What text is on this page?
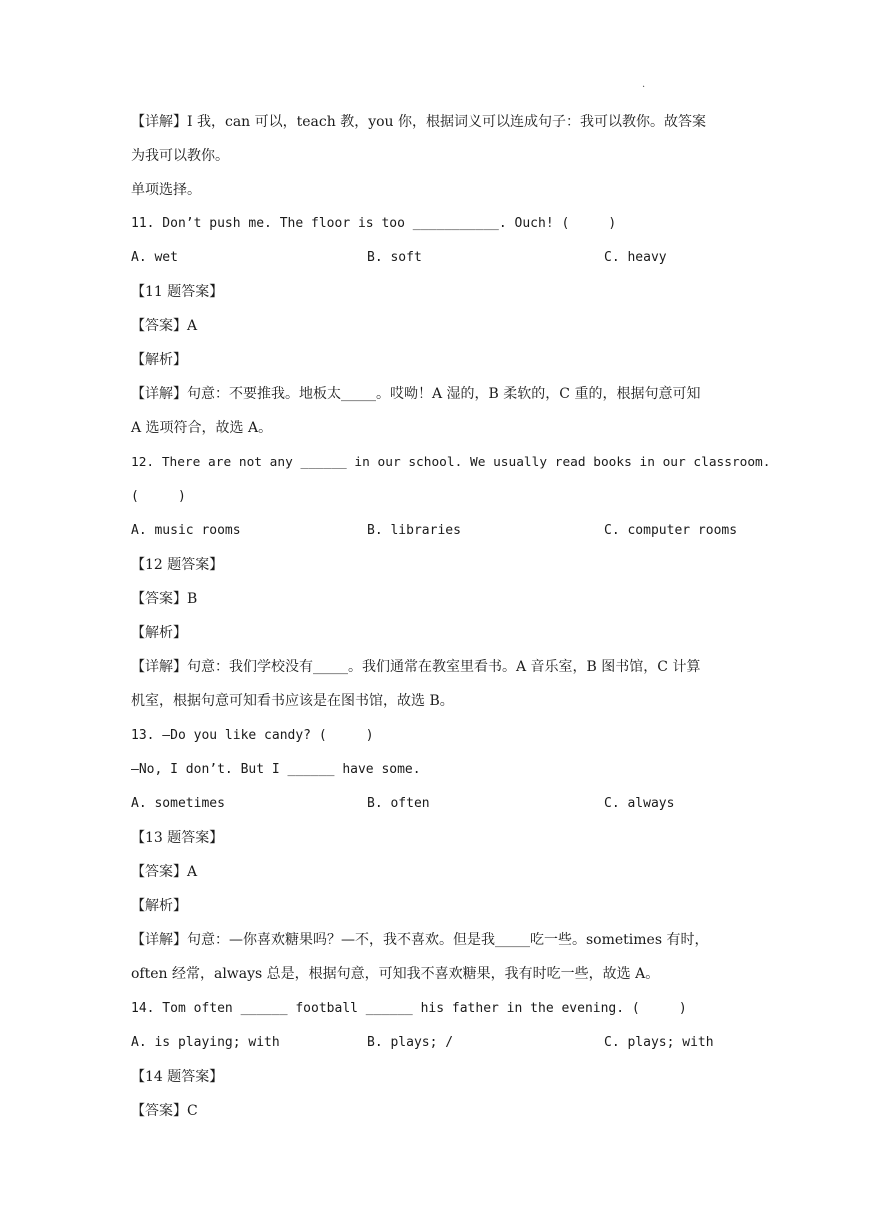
·
【详解】I 我，can 可以，teach 教，you 你，根据词义可以连成句子：我可以教你。故答案
为我可以教你。
单项选择。
11. Don’t push me. The floor is too ___________. Ouch! (     )
A. wet	B. soft	C. heavy
【11 题答案】
【答案】A
【解析】
【详解】句意：不要推我。地板太_____。哎呦！A 湿的，B 柔软的，C 重的，根据句意可知
A 选项符合，故选 A。
12. There are not any ______ in our school. We usually read books in our classroom.
(     )
A. music rooms	B. libraries	C. computer rooms
【12 题答案】
【答案】B
【解析】
【详解】句意：我们学校没有_____。我们通常在教室里看书。A 音乐室，B 图书馆，C 计算
机室，根据句意可知看书应该是在图书馆，故选 B。
13. —Do you like candy? (     )
—No, I don’t. But I ______ have some.
A. sometimes	B. often	C. always
【13 题答案】
【答案】A
【解析】
【详解】句意：—你喜欢糖果吗？—不，我不喜欢。但是我_____吃一些。sometimes 有时，
often 经常，always 总是，根据句意，可知我不喜欢糖果，我有时吃一些，故选 A。
14. Tom often ______ football ______ his father in the evening. (     )
A. is playing; with	B. plays; /	C. plays; with
【14 题答案】
【答案】C
